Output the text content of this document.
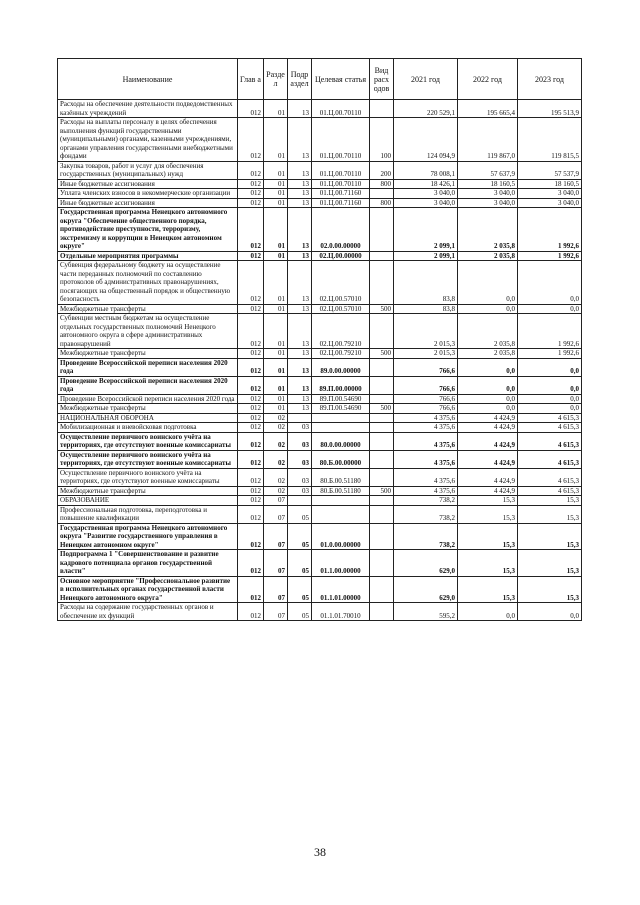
Наименование	Глав а	Разде л	Подр аздел	Целевая статья	Вид расх одов	2021 год	2022 год	2023 год
Расходы на обеспечение деятельности подведомственных казённых учреждений	012	01	13	01.Ц.00.70110		220 529,1	195 665,4	195 513,9
Расходы на выплаты персоналу в целях обеспечения выполнения функций государственными (муниципальными) органами, казенными учреждениями, органами управления государственными внебюджетными фондами	012	01	13	01.Ц.00.70110	100	124 094,9	119 867,0	119 815,5
Закупка товаров, работ и услуг для обеспечения государственных (муниципальных) нужд	012	01	13	01.Ц.00.70110	200	78 008,1	57 637,9	57 537,9
Иные бюджетные ассигнования	012	01	13	01.Ц.00.70110	800	18 426,1	18 160,5	18 160,5
Уплата членских взносов в некоммерческие организации	012	01	13	01.Ц.00.71160		3 040,0	3 040,0	3 040,0
Иные бюджетные ассигнования	012	01	13	01.Ц.00.71160	800	3 040,0	3 040,0	3 040,0
Государственная программа Ненецкого автономного округа "Обеспечение общественного порядка, противодействие преступности, терроризму, экстремизму и коррупции в Ненецком автономном округе"	012	01	13	02.0.00.00000		2 099,1	2 035,8	1 992,6
Отдельные мероприятия программы	012	01	13	02.Ц.00.00000		2 099,1	2 035,8	1 992,6
Субвенция федеральному бюджету на осуществление части переданных полномочий по составлению протоколов об административных правонарушениях, посягающих на общественный порядок и общественную безопасность	012	01	13	02.Ц.00.57010		83,8	0,0	0,0
Межбюджетные трансферты	012	01	13	02.Ц.00.57010	500	83,8	0,0	0,0
Субвенции местным бюджетам на осуществление отдельных государственных полномочий Ненецкого автономного округа в сфере административных правонарушений	012	01	13	02.Ц.00.79210		2 015,3	2 035,8	1 992,6
Межбюджетные трансферты	012	01	13	02.Ц.00.79210	500	2 015,3	2 035,8	1 992,6
Проведение Всероссийской переписи населения 2020 года	012	01	13	89.0.00.00000		766,6	0,0	0,0
Проведение Всероссийской переписи населения 2020 года	012	01	13	89.П.00.00000		766,6	0,0	0,0
Проведение Всероссийской переписи населения 2020 года	012	01	13	89.П.00.54690		766,6	0,0	0,0
Межбюджетные трансферты	012	01	13	89.П.00.54690	500	766,6	0,0	0,0
НАЦИОНАЛЬНАЯ ОБОРОНА	012	02				4 375,6	4 424,9	4 615,3
Мобилизационная и вневойсковая подготовка	012	02	03			4 375,6	4 424,9	4 615,3
Осуществление первичного воинского учёта на территориях, где отсутствуют военные комиссариаты	012	02	03	80.0.00.00000		4 375,6	4 424,9	4 615,3
Осуществление первичного воинского учёта на территориях, где отсутствуют военные комиссариаты	012	02	03	80.Б.00.00000		4 375,6	4 424,9	4 615,3
Осуществление первичного воинского учёта на территориях, где отсутствуют военные комиссариаты	012	02	03	80.Б.00.51180		4 375,6	4 424,9	4 615,3
Межбюджетные трансферты	012	02	03	80.Б.00.51180	500	4 375,6	4 424,9	4 615,3
ОБРАЗОВАНИЕ	012	07				738,2	15,3	15,3
Профессиональная подготовка, переподготовка и повышение квалификации	012	07	05			738,2	15,3	15,3
Государственная программа Ненецкого автономного округа "Развитие государственного управления в Ненецком автономном округе"	012	07	05	01.0.00.00000		738,2	15,3	15,3
Подпрограмма 1 "Совершенствование и развитие кадрового потенциала органов государственной власти"	012	07	05	01.1.00.00000		629,0	15,3	15,3
Основное мероприятие "Профессиональное развитие в исполнительных органах государственной власти Ненецкого автономного округа"	012	07	05	01.1.01.00000		629,0	15,3	15,3
Расходы на содержание государственных органов и обеспечение их функций	012	07	05	01.1.01.70010		595,2	0,0	0,0
38
